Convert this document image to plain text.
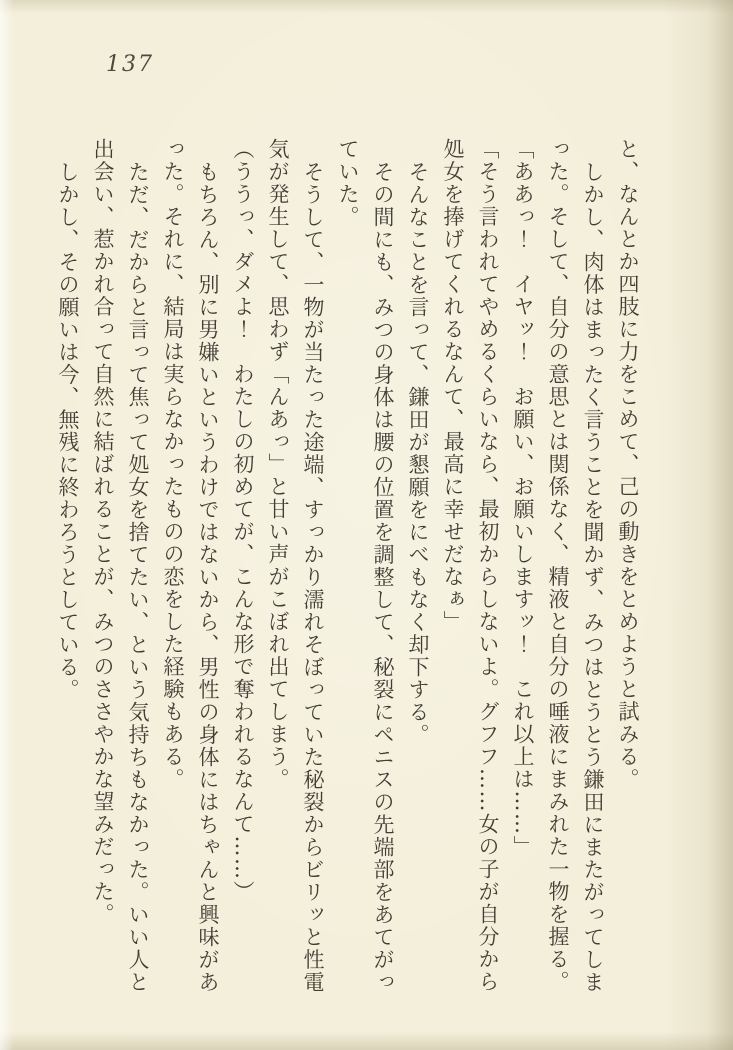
137

と、なんとか四肢に力をこめて、己の動きをとめようと試みる。

しかし、肉体はまったく言うことを聞かず、みつはとうとう鎌田にまたがってしまった。そして、自分の意思とは関係なく、精液と自分の唾液にまみれた一物を握る。

「ああっ！　イヤッ！　お願い、お願いしますッ！　これ以上は……」

「そう言われてやめるくらいなら、最初からしないよ。グフフ……女の子が自分から処女を捧げてくれるなんて、最高に幸せだなぁ」

そんなことを言って、鎌田が懇願をにべもなく却下する。

その間にも、みつの身体は腰の位置を調整して、秘裂にペニスの先端部をあてがっていた。

そうして、一物が当たった途端、すっかり濡れそぼっていた秘裂からビリッと性電気が発生して、思わず「んあっ」と甘い声がこぼれ出てしまう。

（ううっ、ダメよ！　わたしの初めてが、こんな形で奪われるなんて……）

もちろん、別に男嫌いというわけではないから、男性の身体にはちゃんと興味があった。それに、結局は実らなかったものの恋をした経験もある。

ただ、だからと言って焦って処女を捨てたい、という気持ちもなかった。いい人と出会い、惹かれ合って自然に結ばれることが、みつのささやかな望みだった。

しかし、その願いは今、無残に終わろうとしている。
